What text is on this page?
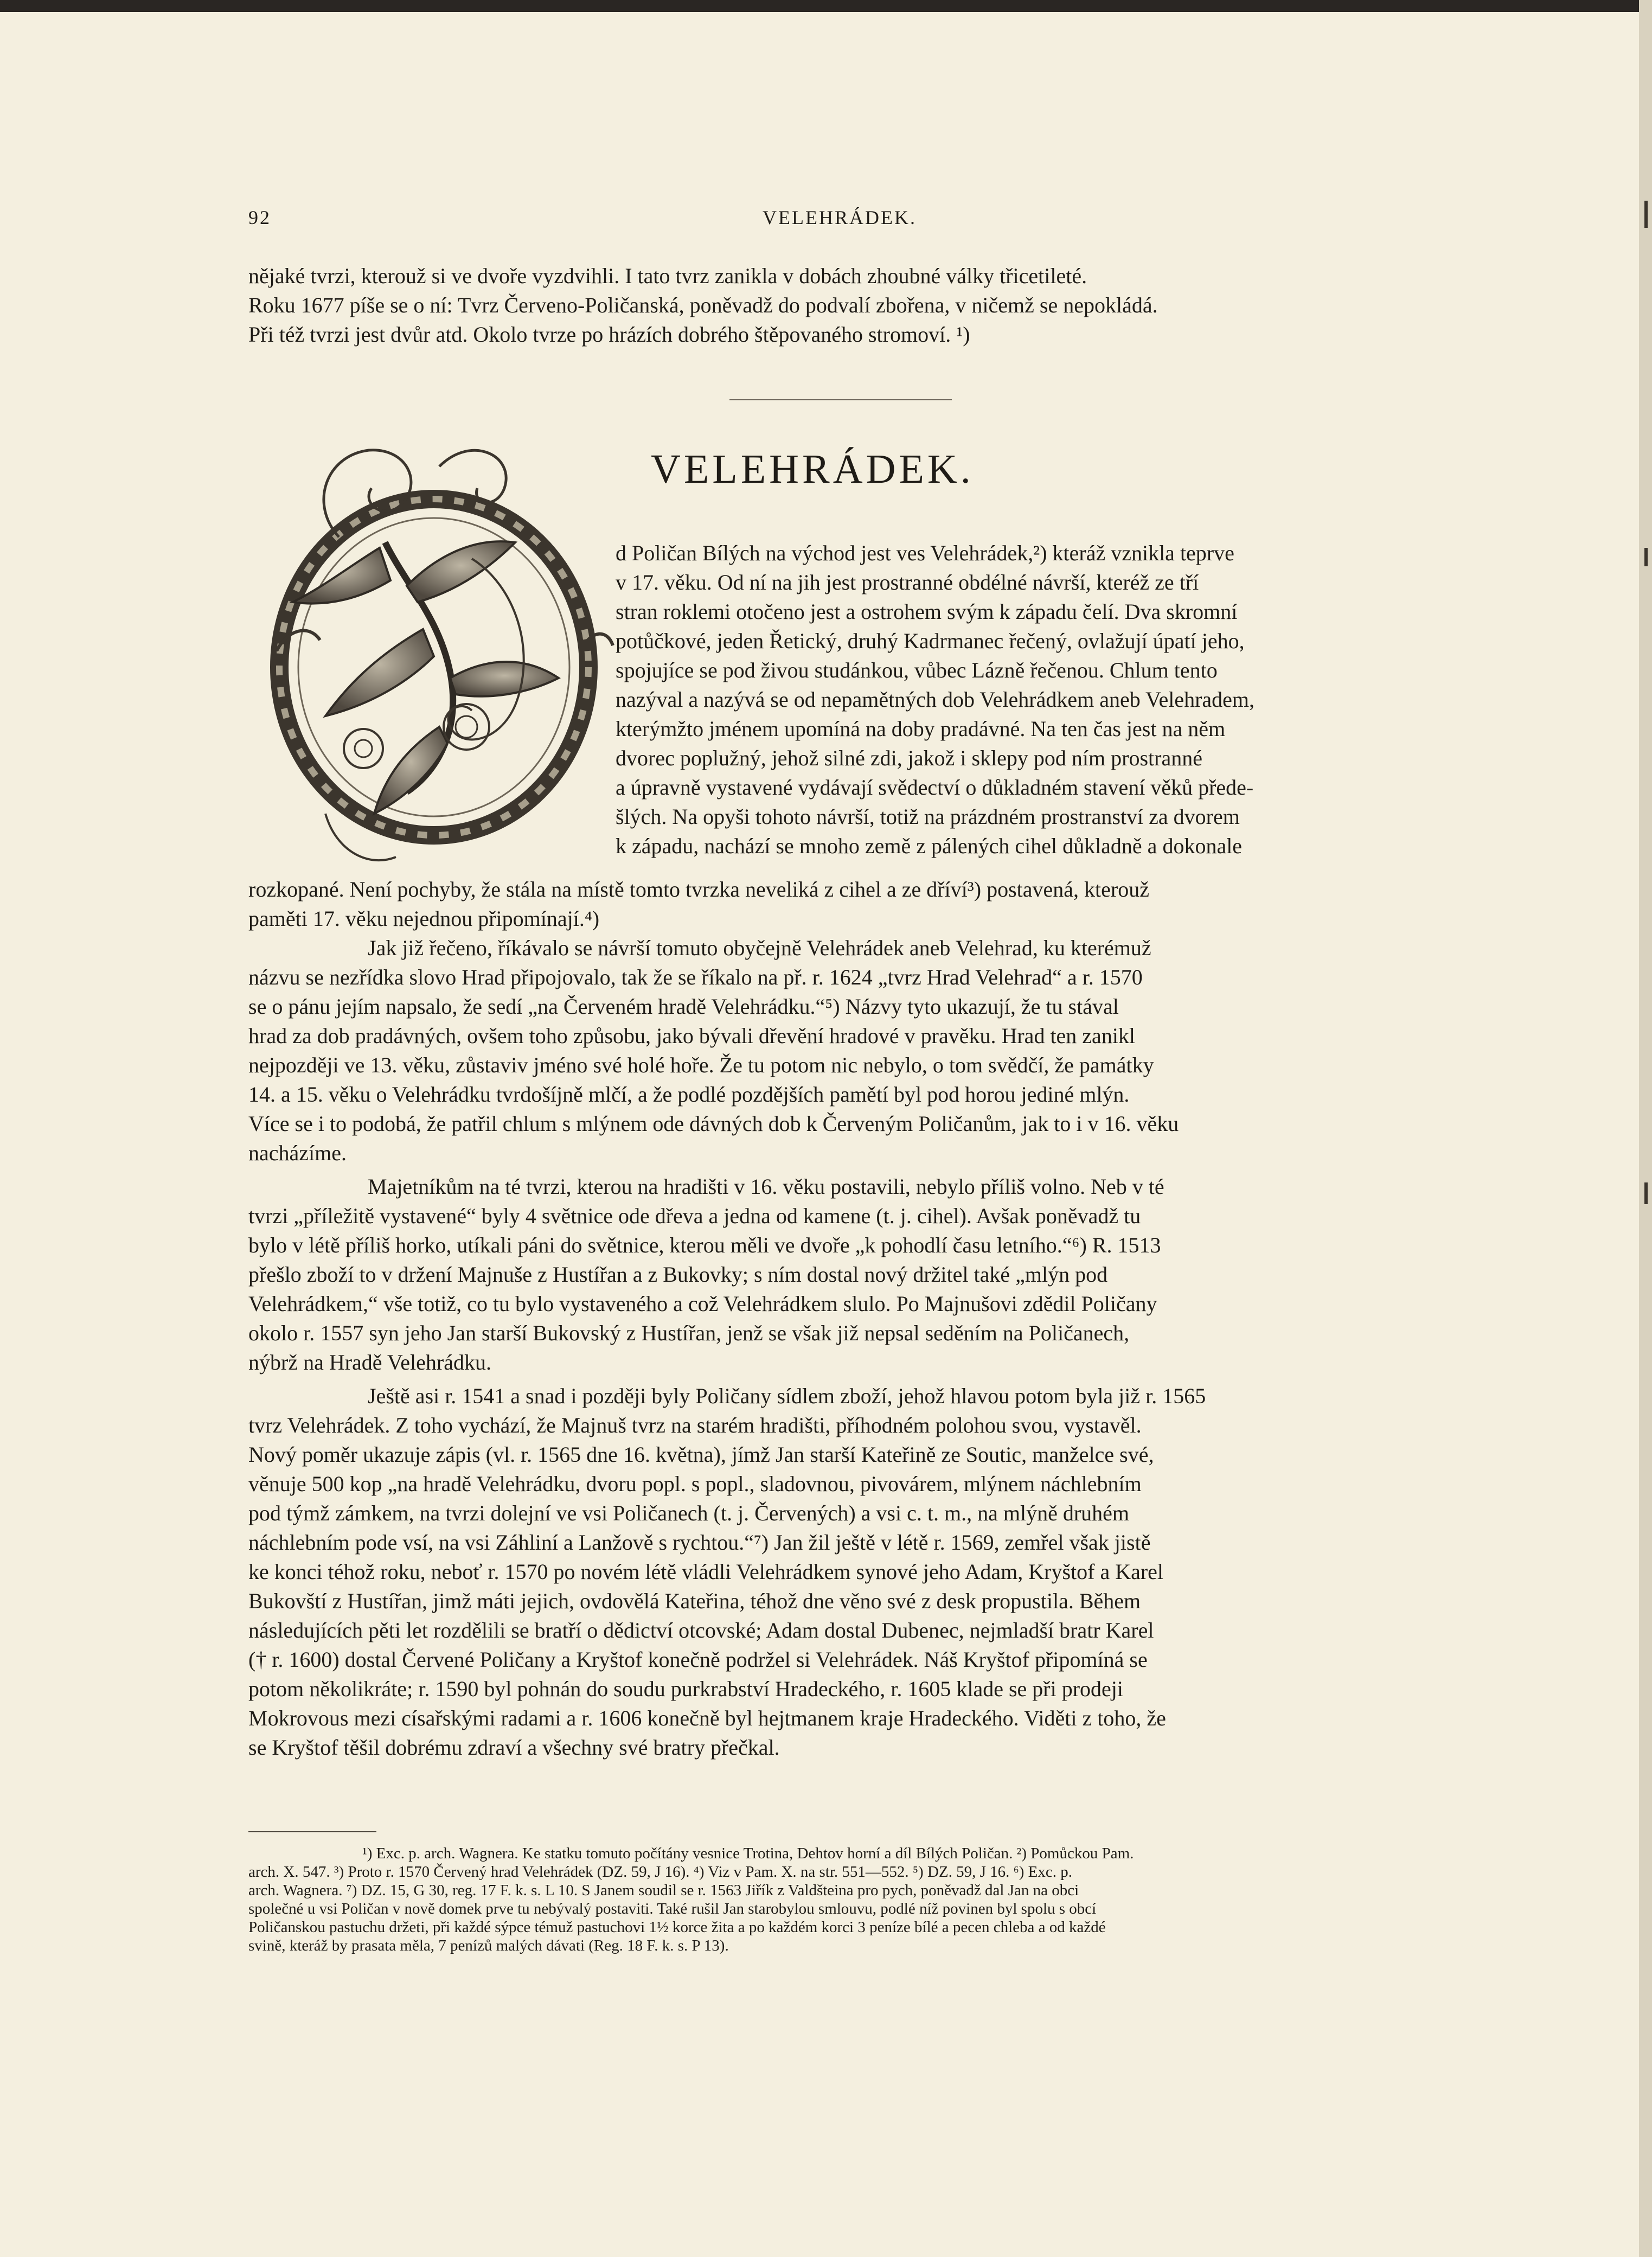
92	VELEHRÁDEK.

nějaké tvrzi, kterouž si ve dvoře vyzdvihli. I tato tvrz zanikla v dobách zhoubné války třicetileté.

Roku 1677 píše se o ní: Tvrz Červeno-Poličanská, poněvadž do podvalí zbořena, v ničemž se nepokládá.

Při též tvrzi jest dvůr atd. Okolo tvrze po hrázích dobrého štěpovaného stromoví. ¹)

VELEHRÁDEK.

d Poličan Bílých na východ jest ves Velehrádek,²) kteráž vznikla teprve

v 17. věku. Od ní na jih jest prostranné obdélné návrší, kteréž ze tří

stran roklemi otočeno jest a ostrohem svým k západu čelí. Dva skromní

potůčkové, jeden Řetický, druhý Kadrmanec řečený, ovlažují úpatí jeho,

spojujíce se pod živou studánkou, vůbec Lázně řečenou. Chlum tento

nazýval a nazývá se od nepamětných dob Velehrádkem aneb Velehradem,

kterýmžto jménem upomíná na doby pradávné. Na ten čas jest na něm

dvorec poplužný, jehož silné zdi, jakož i sklepy pod ním prostranné

a úpravně vystavené vydávají svědectví o důkladném stavení věků předе-

šlých. Na opyši tohoto návrší, totiž na prázdném prostranství za dvorem

k západu, nachází se mnoho země z pálených cihel důkladně a dokonale

rozkopané. Není pochyby, že stála na místě tomto tvrzka neveliká z cihel a ze dříví³) postavená, kterouž

paměti 17. věku nejednou připomínají.⁴)

Jak již řečeno, říkávalo se návrší tomuto obyčejně Velehrádek aneb Velehrad, ku kterémuž

názvu se nezřídka slovo Hrad připojovalo, tak že se říkalo na př. r. 1624 „tvrz Hrad Velehrad“ a r. 1570

se o pánu jejím napsalo, že sedí „na Červeném hradě Velehrádku.“⁵) Názvy tyto ukazují, že tu stával

hrad za dob pradávných, ovšem toho způsobu, jako bývali dřevění hradové v pravěku. Hrad ten zanikl

nejpozději ve 13. věku, zůstaviv jméno své holé hoře. Že tu potom nic nebylo, o tom svědčí, že památky

14. a 15. věku o Velehrádku tvrdošíjně mlčí, a že podlé pozdějších pamětí byl pod horou jediné mlýn.

Více se i to podobá, že patřil chlum s mlýnem ode dávných dob k Červeným Poličanům, jak to i v 16. věku

nacházíme.

Majetníkům na té tvrzi, kterou na hradišti v 16. věku postavili, nebylo příliš volno. Neb v té

tvrzi „příležitě vystavené“ byly 4 světnice ode dřeva a jedna od kamene (t. j. cihel). Avšak poněvadž tu

bylo v létě příliš horko, utíkali páni do světnice, kterou měli ve dvoře „k pohodlí času letního.“⁶) R. 1513

přešlo zboží to v držení Majnuše z Hustířan a z Bukovky; s ním dostal nový držitel také „mlýn pod

Velehrádkem,“ vše totiž, co tu bylo vystaveného a což Velehrádkem slulo. Po Majnušovi zdědil Poličany

okolo r. 1557 syn jeho Jan starší Bukovský z Hustířan, jenž se však již nepsal seděním na Poličanech,

nýbrž na Hradě Velehrádku.

Ještě asi r. 1541 a snad i později byly Poličany sídlem zboží, jehož hlavou potom byla již r. 1565

tvrz Velehrádek. Z toho vychází, že Majnuš tvrz na starém hradišti, příhodném polohou svou, vystavěl.

Nový poměr ukazuje zápis (vl. r. 1565 dne 16. května), jímž Jan starší Kateřině ze Soutic, manželce své,

věnuje 500 kop „na hradě Velehrádku, dvoru popl. s popl., sladovnou, pivovárem, mlýnem náchlebním

pod týmž zámkem, na tvrzi dolejní ve vsi Poličanech (t. j. Červených) a vsi c. t. m., na mlýně druhém

náchlebním pode vsí, na vsi Záhliní a Lanžově s rychtou.“⁷) Jan žil ještě v létě r. 1569, zemřel však jistě

ke konci téhož roku, neboť r. 1570 po novém létě vládli Velehrádkem synové jeho Adam, Kryštof a Karel

Bukovští z Hustířan, jimž máti jejich, ovdovělá Kateřina, téhož dne věno své z desk propustila. Během

následujících pěti let rozdělili se bratří o dědictví otcovské; Adam dostal Dubenec, nejmladší bratr Karel

(† r. 1600) dostal Červené Poličany a Kryštof konečně podržel si Velehrádek. Náš Kryštof připomíná se

potom několikráte; r. 1590 byl pohnán do soudu purkrabství Hradeckého, r. 1605 klade se při prodeji

Mokrovous mezi císařskými radami a r. 1606 konečně byl hejtmanem kraje Hradeckého. Viděti z toho, že

se Kryštof těšil dobrému zdraví a všechny své bratry přečkal.

¹) Exc. p. arch. Wagnera. Ke statku tomuto počítány vesnice Trotina, Dehtov horní a díl Bílých Poličan. ²) Pomůckou Pam.

arch. X. 547. ³) Proto r. 1570 Červený hrad Velehrádek (DZ. 59, J 16). ⁴) Viz v Pam. X. na str. 551—552. ⁵) DZ. 59, J 16. ⁶) Exc. p.

arch. Wagnera. ⁷) DZ. 15, G 30, reg. 17 F. k. s. L 10. S Janem soudil se r. 1563 Jiřík z Valdšteina pro pych, poněvadž dal Jan na obci

společné u vsi Poličan v nově domek prve tu nebývalý postaviti. Také rušil Jan starobylou smlouvu, podlé níž povinen byl spolu s obcí

Poličanskou pastuchu držeti, při každé sýpce témuž pastuchovi 1½ korce žita a po každém korci 3 peníze bílé a pecen chleba a od každé

svině, kteráž by prasata měla, 7 penízů malých dávati (Reg. 18 F. k. s. P 13).
